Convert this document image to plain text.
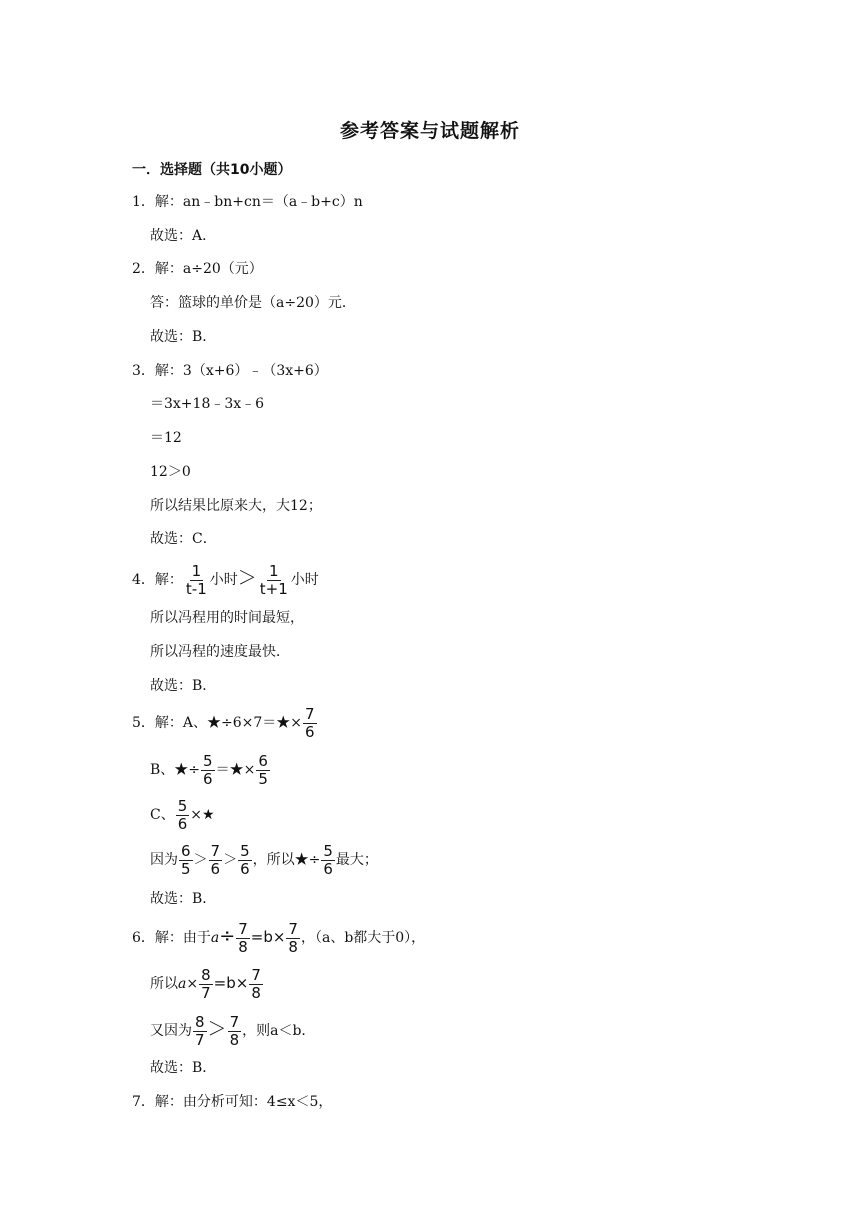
参考答案与试题解析
一．选择题（共10小题）
1．解：an﹣bn+cn＝（a﹣b+c）n
故选：A．
2．解：a÷20（元）
答：篮球的单价是（a÷20）元．
故选：B．
3．解：3（x+6）﹣（3x+6）
＝3x+18﹣3x﹣6
＝12
12＞0
所以结果比原来大，大12；
故选：C．
4．解： $\frac{1}{t-1}$ 小时＞ $\frac{1}{t+1}$ 小时
所以冯程用的时间最短，
所以冯程的速度最快．
故选：B．
5．解：A、★÷6×7＝★× $\frac{7}{6}$
B、★÷ $\frac{5}{6}$ ＝★× $\frac{6}{5}$
C、 $\frac{5}{6}$ ×★
因为 $\frac{6}{5} > \frac{7}{6} > \frac{5}{6}$ ，所以★÷ $\frac{5}{6}$ 最大；
故选：B．
6．解：由于$a\div \frac{7}{8} =b\times \frac{7}{8}$ ，（a、b都大于0），
所以$a\times \frac{8}{7} =b\times \frac{7}{8}$
又因为 $\frac{8}{7} > \frac{7}{8}$ ，则a＜b．
故选：B．
7．解：由分析可知：4≤x＜5，
